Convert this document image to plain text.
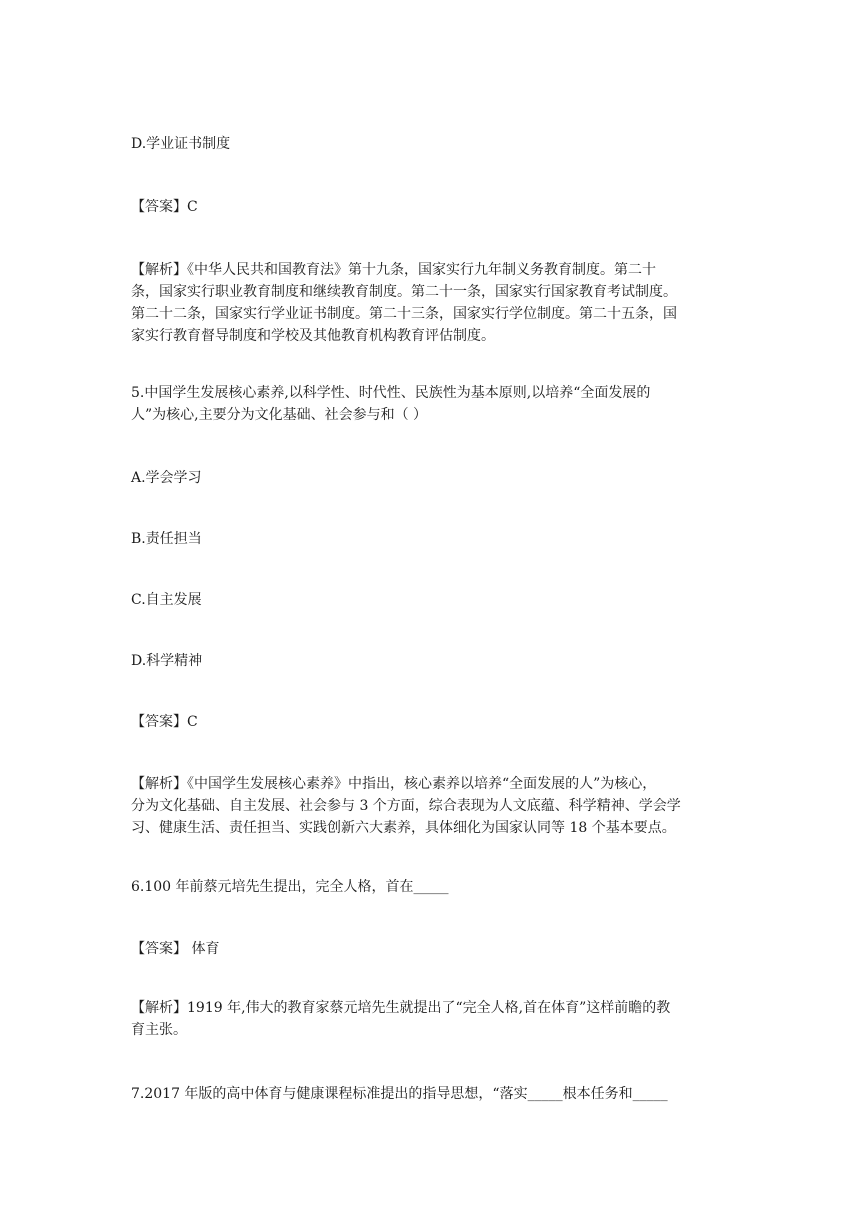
D.学业证书制度
【答案】C
【解析】《中华人民共和国教育法》第十九条，国家实行九年制义务教育制度。第二十
条，国家实行职业教育制度和继续教育制度。第二十一条，国家实行国家教育考试制度。
第二十二条，国家实行学业证书制度。第二十三条，国家实行学位制度。第二十五条，国
家实行教育督导制度和学校及其他教育机构教育评估制度。
5.中国学生发展核心素养,以科学性、时代性、民族性为基本原则,以培养“全面发展的
人”为核心,主要分为文化基础、社会参与和（ ）
A.学会学习
B.责任担当
C.自主发展
D.科学精神
【答案】C
【解析】《中国学生发展核心素养》中指出，核心素养以培养“全面发展的人”为核心，
分为文化基础、自主发展、社会参与 3 个方面，综合表现为人文底蕴、科学精神、学会学
习、健康生活、责任担当、实践创新六大素养，具体细化为国家认同等 18 个基本要点。
6.100 年前蔡元培先生提出，完全人格，首在_____
【答案】 体育
【解析】1919 年,伟大的教育家蔡元培先生就提出了“完全人格,首在体育”这样前瞻的教
育主张。
7.2017 年版的高中体育与健康课程标准提出的指导思想，“落实_____根本任务和_____
